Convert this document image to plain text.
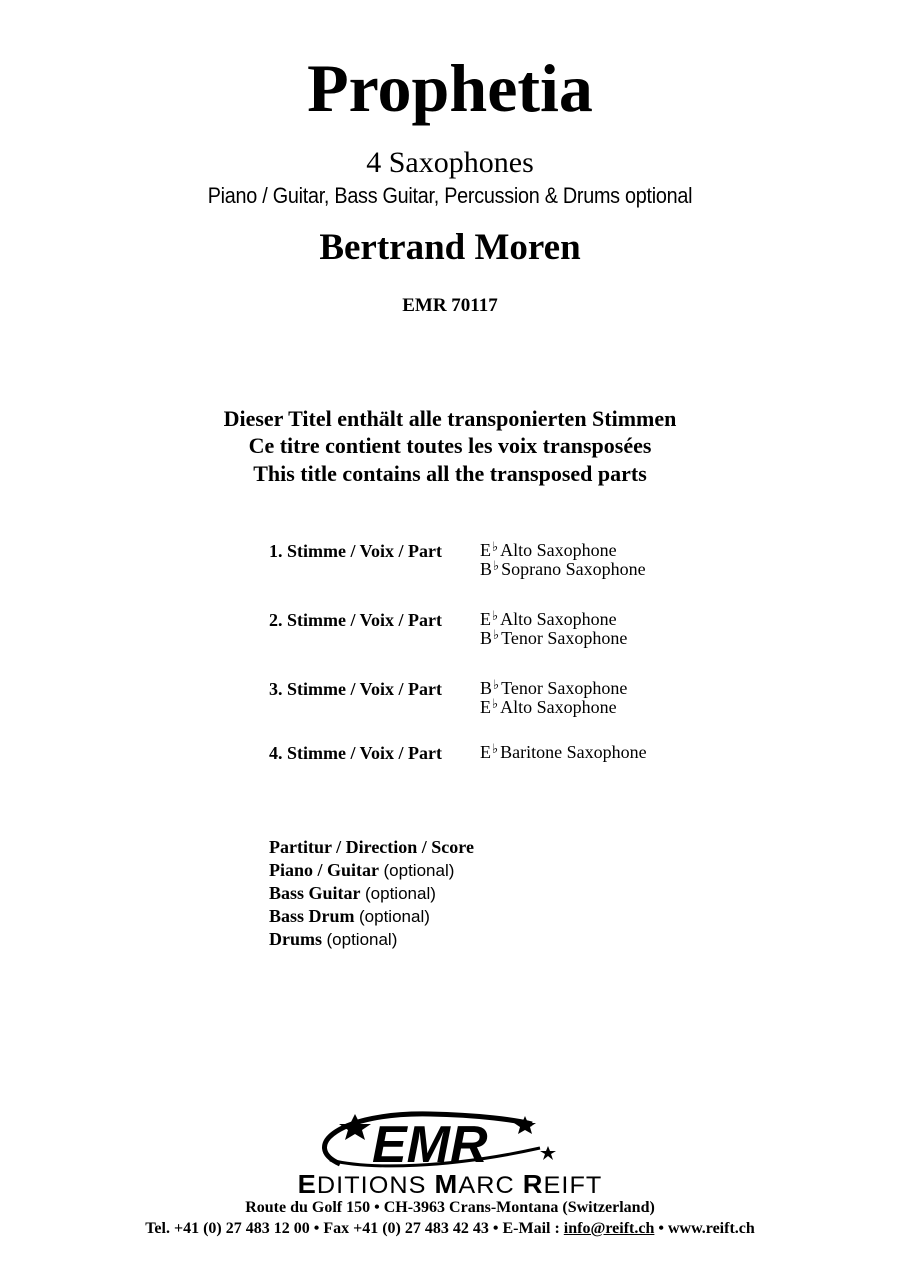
Prophetia
4 Saxophones
Piano / Guitar, Bass Guitar, Percussion & Drums optional
Bertrand Moren
EMR 70117
Dieser Titel enthält alle transponierten Stimmen
Ce titre contient toutes les voix transposées
This title contains all the transposed parts
1. Stimme / Voix / Part E♭ Alto Saxophone
B♭ Soprano Saxophone
2. Stimme / Voix / Part E♭ Alto Saxophone
B♭ Tenor Saxophone
3. Stimme / Voix / Part B♭ Tenor Saxophone
E♭ Alto Saxophone
4. Stimme / Voix / Part E♭ Baritone Saxophone
Partitur / Direction / Score
Piano / Guitar (optional)
Bass Guitar (optional)
Bass Drum (optional)
Drums (optional)
EMR
EDITIONS MARC REIFT
Route du Golf 150 • CH-3963 Crans-Montana (Switzerland)
Tel. +41 (0) 27 483 12 00 • Fax +41 (0) 27 483 42 43 • E-Mail : info@reift.ch • www.reift.ch
